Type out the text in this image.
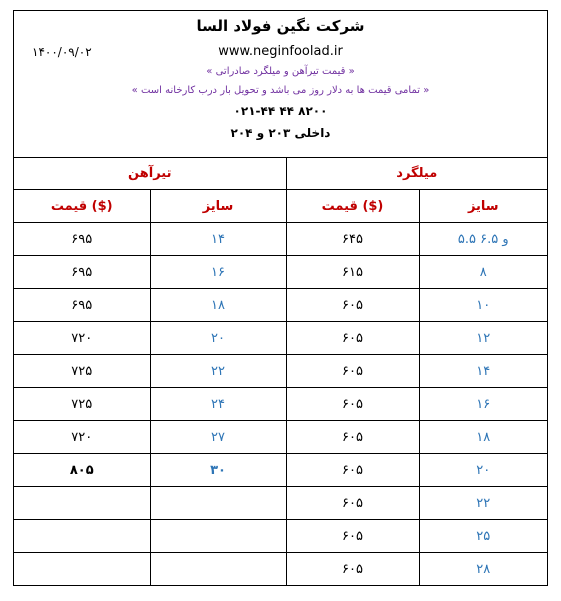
شرکت نگین فولاد السا
۱۴۰۰/۰۹/۰۲	www.neginfoolad.ir
« قیمت تیرآهن و میلگرد صادراتی »
« تمامی قیمت ها به دلار روز می باشد و تحویل بار درب کارخانه است »
۰۲۱-۴۴ ۴۴ ۸۲۰۰
داخلی ۲۰۳ و ۲۰۴
تیرآهن		میلگرد	
قیمت ($)	سایز	قیمت ($)	سایز
۶۹۵	۱۴	۶۴۵	۵.۵ و ۶.۵
۶۹۵	۱۶	۶۱۵	۸
۶۹۵	۱۸	۶۰۵	۱۰
۷۲۰	۲۰	۶۰۵	۱۲
۷۲۵	۲۲	۶۰۵	۱۴
۷۲۵	۲۴	۶۰۵	۱۶
۷۲۰	۲۷	۶۰۵	۱۸
۸۰۵	۳۰	۶۰۵	۲۰
		۶۰۵	۲۲
		۶۰۵	۲۵
		۶۰۵	۲۸
